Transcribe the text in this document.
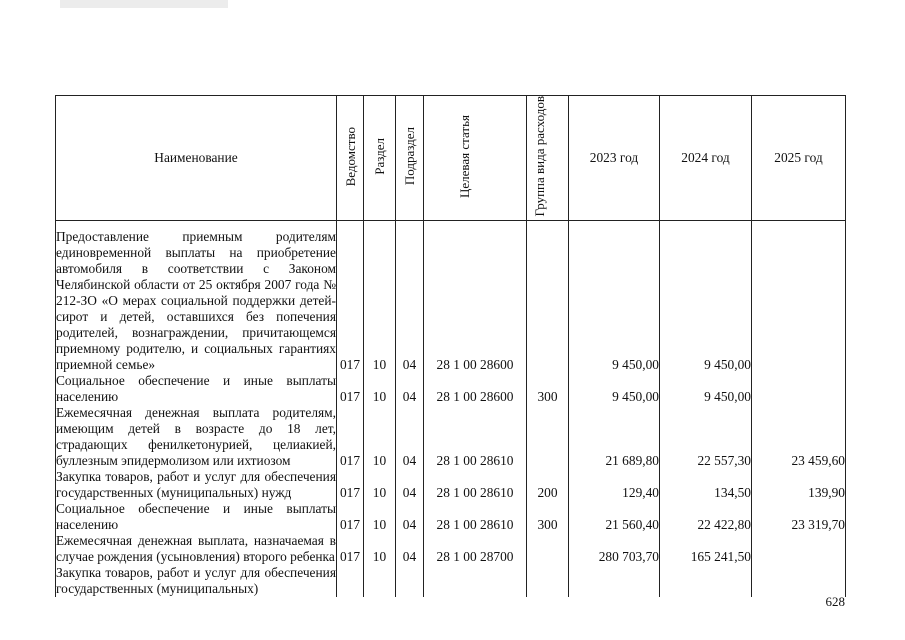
Наименование	Ведомство	Раздел	Подраздел	Целевая статья	Группа вида расходов	2023 год	2024 год	2025 год

Предоставление приемным родителям единовременной выплаты на приобретение автомобиля в соответствии с Законом Челябинской области от 25 октября 2007 года № 212-ЗО «О мерах социальной поддержки детей-сирот и детей, оставшихся без попечения родителей, вознаграждении, причитающемся приемному родителю, и социальных гарантиях приемной семье»	017	10	04	28 1 00 28600		9 450,00	9 450,00	
Социальное обеспечение и иные выплаты населению	017	10	04	28 1 00 28600	300	9 450,00	9 450,00	
Ежемесячная денежная выплата родителям, имеющим детей в возрасте до 18 лет, страдающих фенилкетонурией, целиакией, буллезным эпидермолизом или ихтиозом	017	10	04	28 1 00 28610		21 689,80	22 557,30	23 459,60
Закупка товаров, работ и услуг для обеспечения государственных (муниципальных) нужд	017	10	04	28 1 00 28610	200	129,40	134,50	139,90
Социальное обеспечение и иные выплаты населению	017	10	04	28 1 00 28610	300	21 560,40	22 422,80	23 319,70
Ежемесячная денежная выплата, назначаемая в случае рождения (усыновления) второго ребенка	017	10	04	28 1 00 28700		280 703,70	165 241,50	
Закупка товаров, работ и услуг для обеспечения государственных (муниципальных)								
628
